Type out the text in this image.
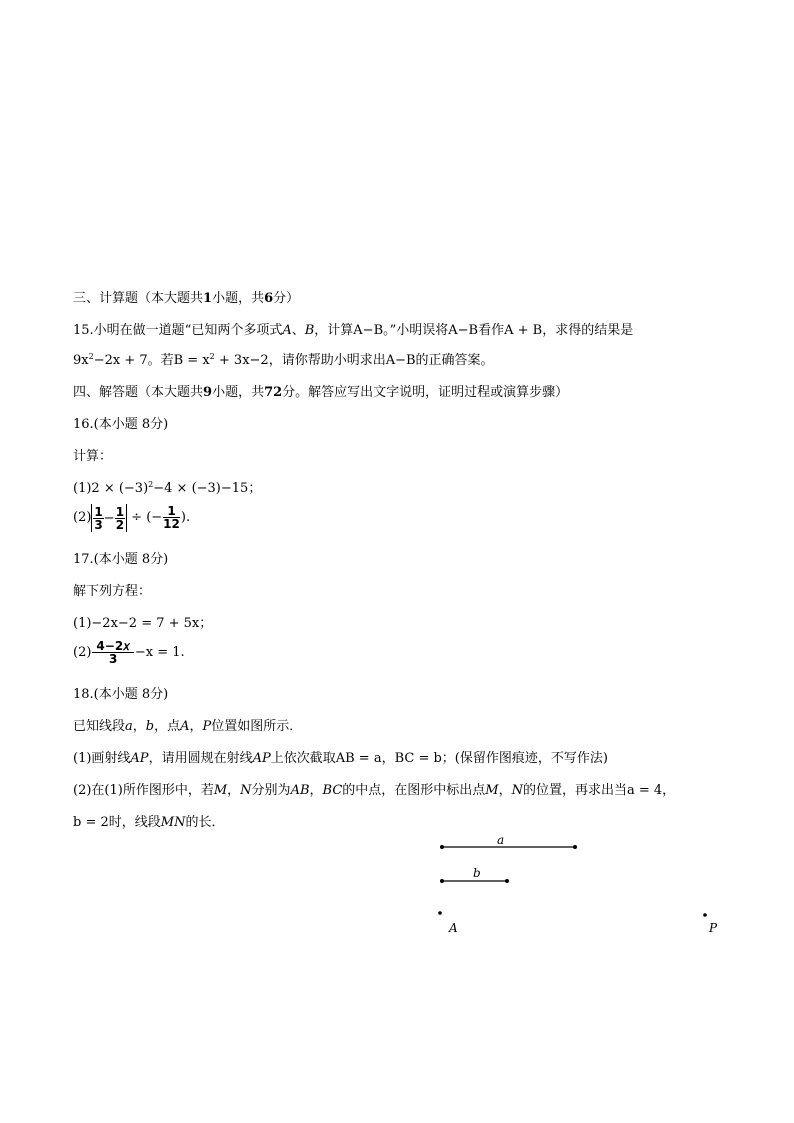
三、计算题（本大题共1小题，共6分）
15.小明在做一道题“已知两个多项式A、B，计算A−B。”小明误将A−B看作A + B，求得的结果是
$9x^2-2x + 7$。若$B = x^2 + 3x-2$，请你帮助小明求出A−B的正确答案。
四、解答题（本大题共9小题，共72分。解答应写出文字说明，证明过程或演算步骤）
16.(本小题 8分)
计算：
$(1)2 \times (-3)^2-4 \times (-3)-15$；
$(2) \frac{1}{3} - \frac{1}{2}$ ÷ (− $\frac{1}{12}$ ).
17.(本小题 8分)
解下列方程：
(1)−2x−2 = 7 + 5x；
$(2) \frac{\text{4−2𝑥}}{3} -x = 1$.
18.(本小题 8分)
已知线段a，b，点A，P位置如图所示．
(1)画射线AP，请用圆规在射线AP上依次截取AB = a，BC = b；(保留作图痕迹，不写作法)
(2)在(1)所作图形中，若M，N分别为AB，BC的中点，在图形中标出点M，N的位置，再求出当a = 4，
b = 2时，线段MN的长．
a
b
A	P
